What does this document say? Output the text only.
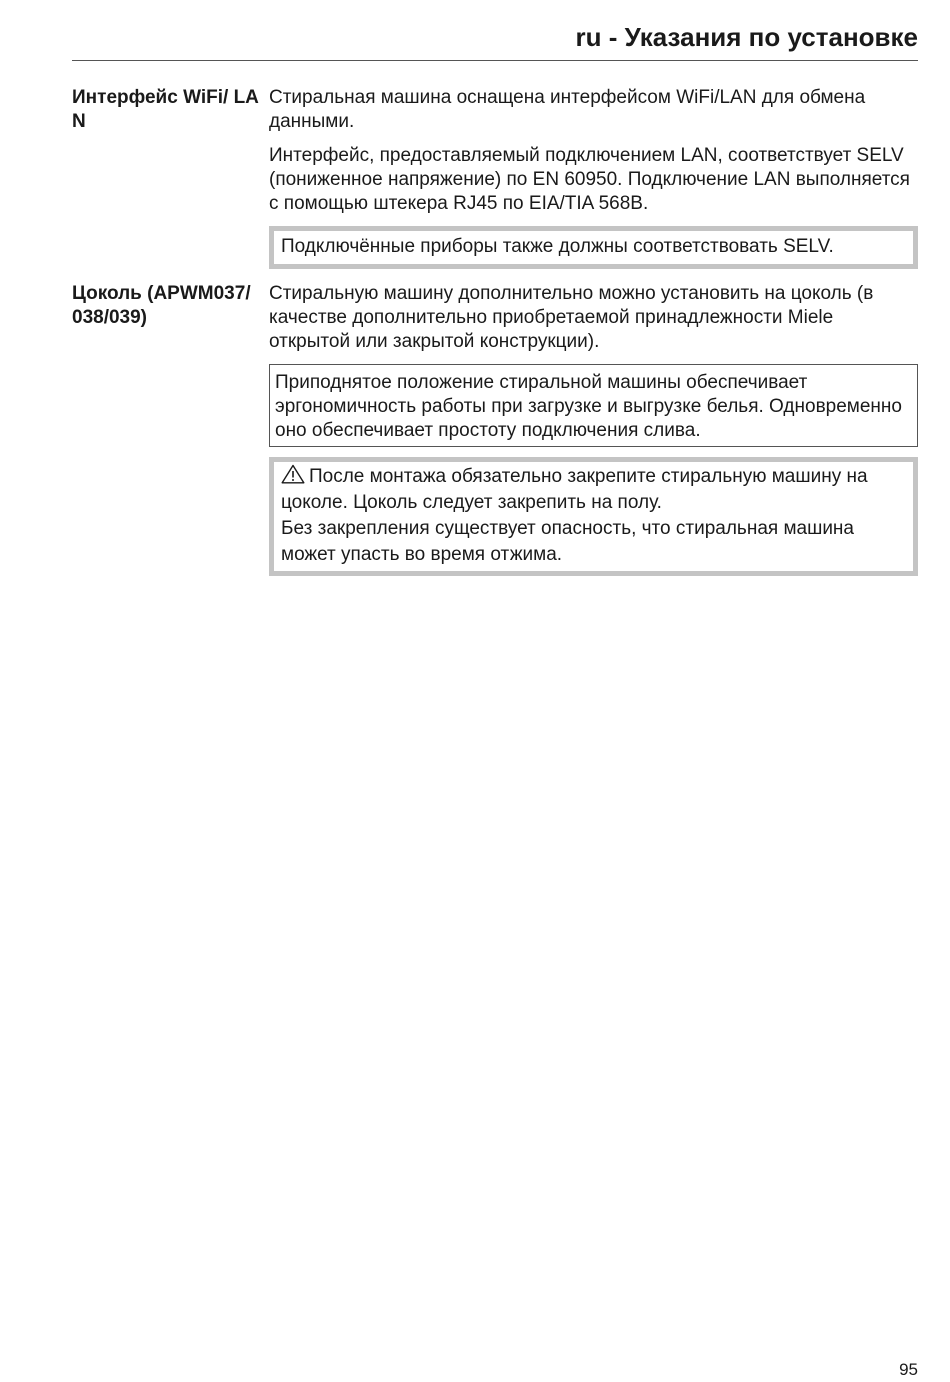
ru - Указания по установке
Интерфейс WiFi/ LAN

Стиральная машина оснащена интерфейсом WiFi/LAN для обмена данными.

Интерфейс, предоставляемый подключением LAN, соответствует SELV (пониженное напряжение) по EN 60950. Подключение LAN выполняется с помощью штекера RJ45 по EIA/TIA 568B.

Подключённые приборы также должны соответствовать SELV.
Цоколь (APWM037/038/039)

Стиральную машину дополнительно можно установить на цоколь (в качестве дополнительно приобретаемой принадлежности Miele открытой или закрытой конструкции).

Приподнятое положение стиральной машины обеспечивает эргономичность работы при загрузке и выгрузке белья. Одновременно оно обеспечивает простоту подключения слива.
После монтажа обязательно закрепите стиральную машину на цоколе. Цоколь следует закрепить на полу.
Без закрепления существует опасность, что стиральная машина может упасть во время отжима.
95
